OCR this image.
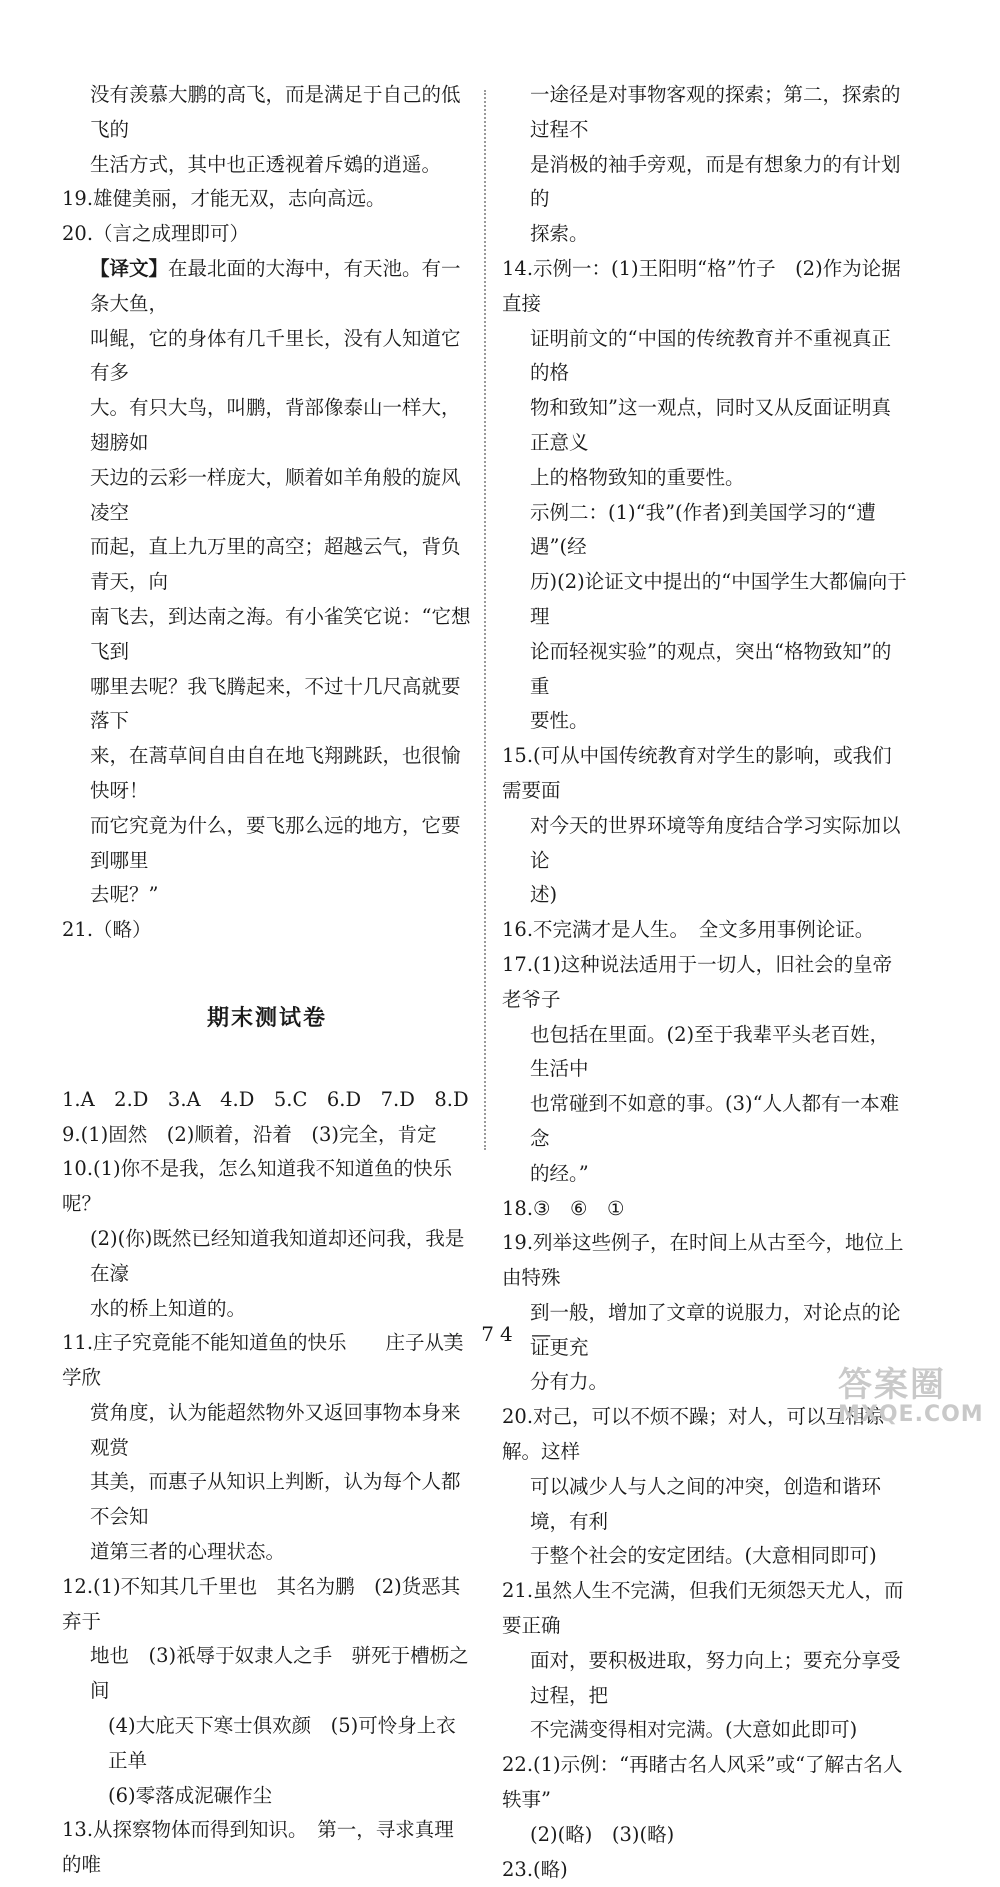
没有羡慕大鹏的高飞，而是满足于自己的低飞的

生活方式，其中也正透视着斥鴳的逍遥。

19.雄健美丽，才能无双，志向高远。

20.（言之成理即可）

【译文】在最北面的大海中，有天池。有一条大鱼，

叫鲲，它的身体有几千里长，没有人知道它有多

大。有只大鸟，叫鹏，背部像泰山一样大，翅膀如

天边的云彩一样庞大，顺着如羊角般的旋风凌空

而起，直上九万里的高空；超越云气，背负青天，向

南飞去，到达南之海。有小雀笑它说：“它想飞到

哪里去呢？我飞腾起来，不过十几尺高就要落下

来，在蒿草间自由自在地飞翔跳跃，也很愉快呀！

而它究竟为什么，要飞那么远的地方，它要到哪里

去呢？”

21.（略）

期末测试卷

1.A　2.D　3.A　4.D　5.C　6.D　7.D　8.D

9.(1)固然　(2)顺着，沿着　(3)完全，肯定

10.(1)你不是我，怎么知道我不知道鱼的快乐呢？

(2)(你)既然已经知道我知道却还问我，我是在濠

水的桥上知道的。

11.庄子究竟能不能知道鱼的快乐　　庄子从美学欣

赏角度，认为能超然物外又返回事物本身来观赏

其美，而惠子从知识上判断，认为每个人都不会知

道第三者的心理状态。

12.(1)不知其几千里也　其名为鹏　(2)货恶其弃于

地也　(3)祇辱于奴隶人之手　骈死于槽枥之间

(4)大庇天下寒士俱欢颜　(5)可怜身上衣正单

(6)零落成泥碾作尘

13.从探察物体而得到知识。　第一，寻求真理的唯

一途径是对事物客观的探索；第二，探索的过程不

是消极的袖手旁观，而是有想象力的有计划的

探索。

14.示例一：(1)王阳明“格”竹子　(2)作为论据直接

证明前文的“中国的传统教育并不重视真正的格

物和致知”这一观点，同时又从反面证明真正意义

上的格物致知的重要性。

示例二：(1)“我”(作者)到美国学习的“遭遇”(经

历)(2)论证文中提出的“中国学生大都偏向于理

论而轻视实验”的观点，突出“格物致知”的重

要性。

15.(可从中国传统教育对学生的影响，或我们需要面

对今天的世界环境等角度结合学习实际加以论

述)

16.不完满才是人生。　全文多用事例论证。

17.(1)这种说法适用于一切人，旧社会的皇帝老爷子

也包括在里面。(2)至于我辈平头老百姓，生活中

也常碰到不如意的事。(3)“人人都有一本难念

的经。”

18.③　⑥　①

19.列举这些例子，在时间上从古至今，地位上由特殊

到一般，增加了文章的说服力，对论点的论证更充

分有力。

20.对己，可以不烦不躁；对人，可以互相谅解。这样

可以减少人与人之间的冲突，创造和谐环境，有利

于整个社会的安定团结。(大意相同即可)

21.虽然人生不完满，但我们无须怨天尤人，而要正确

面对，要积极进取，努力向上；要充分享受过程，把

不完满变得相对完满。(大意如此即可)

22.(1)示例：“再睹古名人风采”或“了解古名人轶事”

(2)(略)　(3)(略)

23.(略)

— 74 —
答案圈
MXQE.COM
